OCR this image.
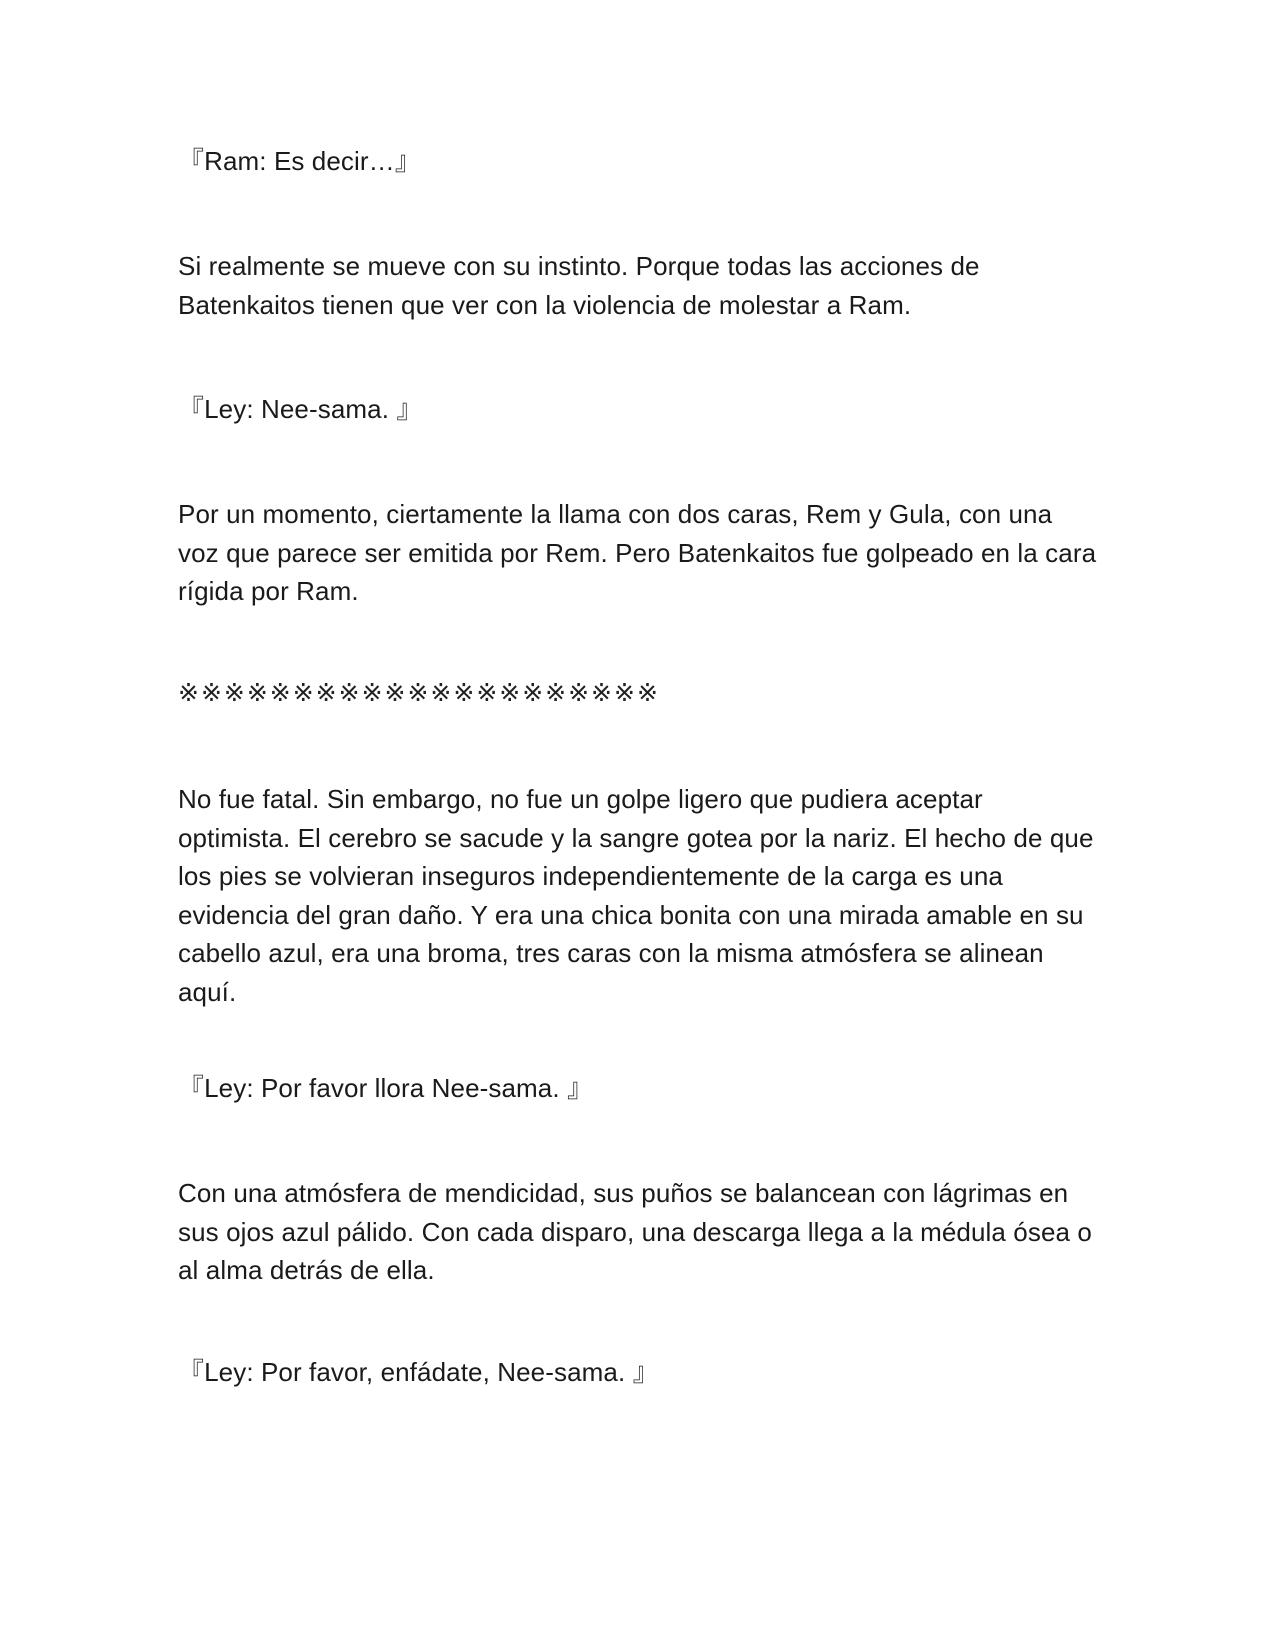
『Ram: Es decir…』

Si realmente se mueve con su instinto. Porque todas las acciones de Batenkaitos tienen que ver con la violencia de molestar a Ram.

『Ley: Nee-sama. 』

Por un momento, ciertamente la llama con dos caras, Rem y Gula, con una voz que parece ser emitida por Rem. Pero Batenkaitos fue golpeado en la cara rígida por Ram.

※※※※※※※※※※※※※※※※※※※※※

No fue fatal. Sin embargo, no fue un golpe ligero que pudiera aceptar optimista. El cerebro se sacude y la sangre gotea por la nariz. El hecho de que los pies se volvieran inseguros independientemente de la carga es una evidencia del gran daño. Y era una chica bonita con una mirada amable en su cabello azul, era una broma, tres caras con la misma atmósfera se alinean aquí.

『Ley: Por favor llora Nee-sama. 』

Con una atmósfera de mendicidad, sus puños se balancean con lágrimas en sus ojos azul pálido. Con cada disparo, una descarga llega a la médula ósea o al alma detrás de ella.

『Ley: Por favor, enfádate, Nee-sama. 』
